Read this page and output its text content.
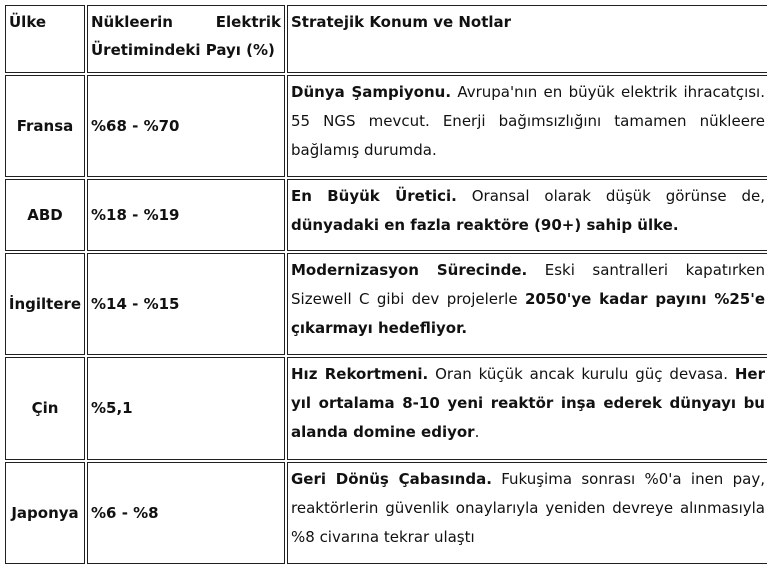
Ülke	Nükleerin Elektrik Üretimindeki Payı (%)	Stratejik Konum ve Notlar
Fransa	%68 - %70	Dünya Şampiyonu. Avrupa'nın en büyük elektrik ihracatçısı. 55 NGS mevcut. Enerji bağımsızlığını tamamen nükleere bağlamış durumda.
ABD	%18 - %19	En Büyük Üretici. Oransal olarak düşük görünse de, dünyadaki en fazla reaktöre (90+) sahip ülke.
İngiltere	%14 - %15	Modernizasyon Sürecinde. Eski santralleri kapatırken Sizewell C gibi dev projelerle 2050'ye kadar payını %25'e çıkarmayı hedefliyor.
Çin	%5,1	Hız Rekortmeni. Oran küçük ancak kurulu güç devasa. Her yıl ortalama 8-10 yeni reaktör inşa ederek dünyayı bu alanda domine ediyor.
Japonya	%6 - %8	Geri Dönüş Çabasında. Fukuşima sonrası %0'a inen pay, reaktörlerin güvenlik onaylarıyla yeniden devreye alınmasıyla %8 civarına tekrar ulaştı
